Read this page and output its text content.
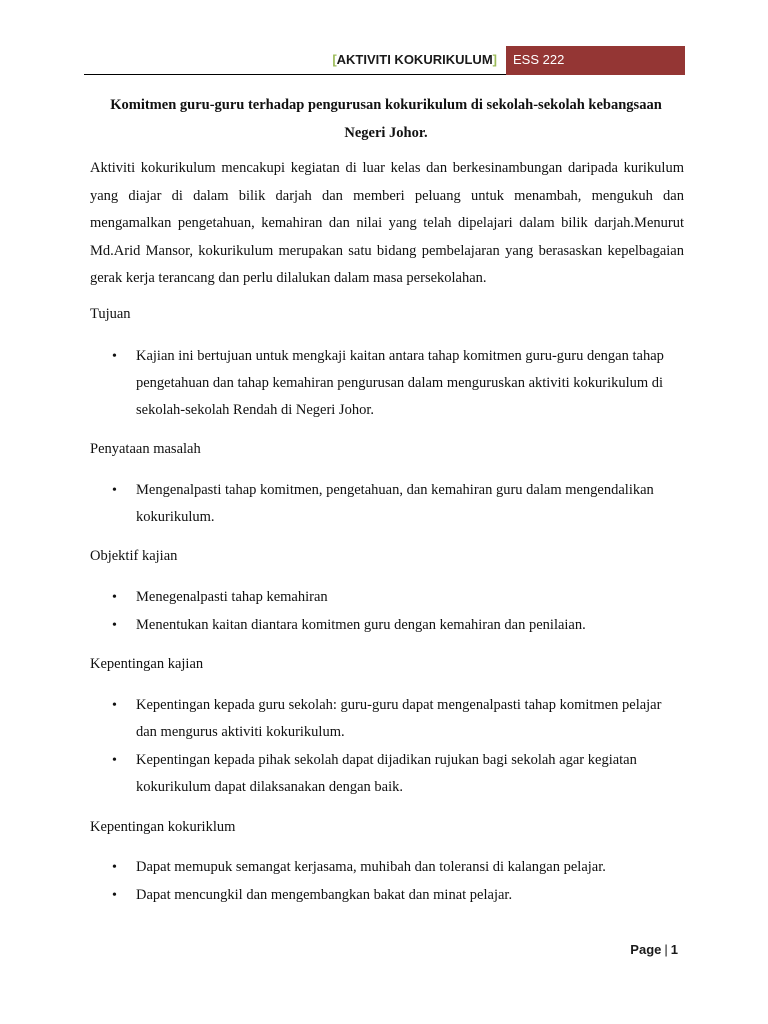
[AKTIVITI KOKURIKULUM]	ESS 222

Komitmen guru-guru terhadap pengurusan kokurikulum di sekolah-sekolah kebangsaan Negeri Johor.

Aktiviti kokurikulum mencakupi kegiatan di luar kelas dan berkesinambungan daripada kurikulum yang diajar di dalam bilik darjah dan memberi peluang untuk menambah, mengukuh dan mengamalkan pengetahuan, kemahiran dan nilai yang telah dipelajari dalam bilik darjah.Menurut Md.Arid Mansor, kokurikulum merupakan satu bidang pembelajaran yang berasaskan kepelbagaian gerak kerja terancang dan perlu dilalukan dalam masa persekolahan.

Tujuan

• Kajian ini bertujuan untuk mengkaji kaitan antara tahap komitmen guru-guru dengan tahap pengetahuan dan tahap kemahiran pengurusan dalam menguruskan aktiviti kokurikulum di sekolah-sekolah Rendah di Negeri Johor.

Penyataan masalah

• Mengenalpasti tahap komitmen, pengetahuan, dan kemahiran guru dalam mengendalikan kokurikulum.

Objektif kajian

• Menegenalpasti tahap kemahiran
• Menentukan kaitan diantara komitmen guru dengan kemahiran dan penilaian.

Kepentingan kajian

• Kepentingan kepada guru sekolah: guru-guru dapat mengenalpasti tahap komitmen pelajar dan mengurus aktiviti kokurikulum.
• Kepentingan kepada pihak sekolah dapat dijadikan rujukan bagi sekolah agar kegiatan kokurikulum dapat dilaksanakan dengan baik.

Kepentingan kokuriklum

• Dapat memupuk semangat kerjasama, muhibah dan toleransi di kalangan pelajar.
• Dapat mencungkil dan mengembangkan bakat dan minat pelajar.
Page | 1
